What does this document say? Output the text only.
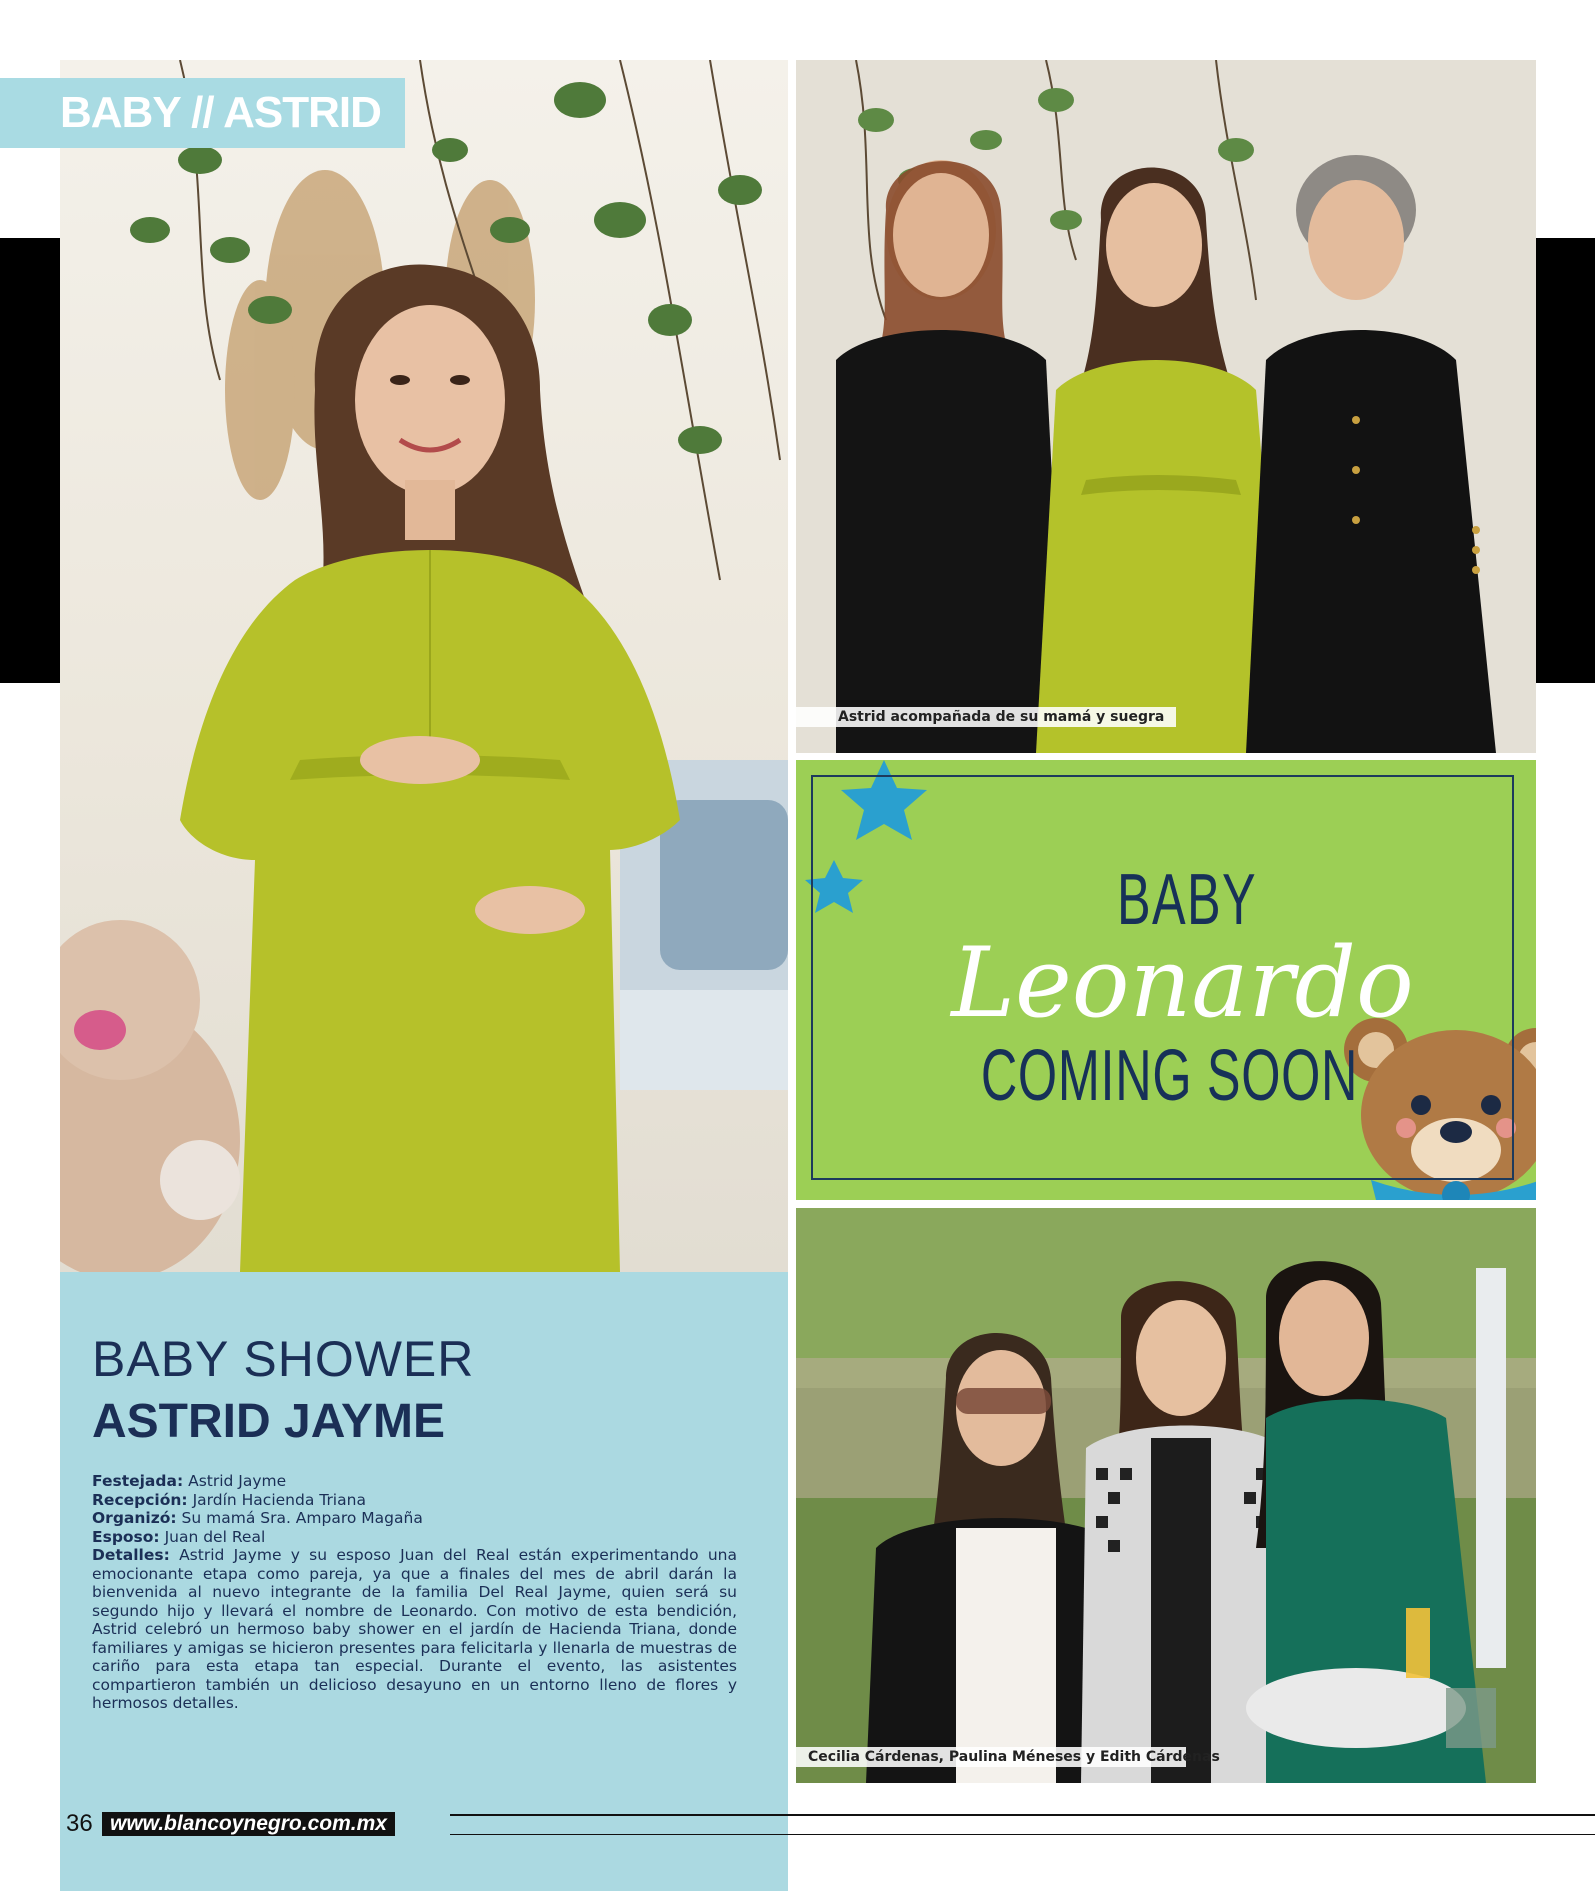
BABY // ASTRID
BABY SHOWER
ASTRID JAYME
Festejada: Astrid Jayme
Recepción: Jardín Hacienda Triana
Organizó: Su mamá Sra. Amparo Magaña
Esposo: Juan del Real
Detalles: Astrid Jayme y su esposo Juan del Real están experimentando una emocionante etapa como pareja, ya que a finales del mes de abril darán la bienvenida al nuevo integrante de la familia Del Real Jayme, quien será su segundo hijo y llevará el nombre de Leonardo. Con motivo de esta bendición, Astrid celebró un hermoso baby shower en el jardín de Hacienda Triana, donde familiares y amigas se hicieron presentes para felicitarla y llenarla de muestras de cariño para esta etapa tan especial. Durante el evento, las asistentes compartieron también un delicioso desayuno en un entorno lleno de flores y hermosos detalles.
Astrid acompañada de su mamá y suegra
BABY
Leonardo
COMING SOON
Cecilia Cárdenas, Paulina Méneses y Edith Cárdenas
36 www.blancoynegro.com.mx
